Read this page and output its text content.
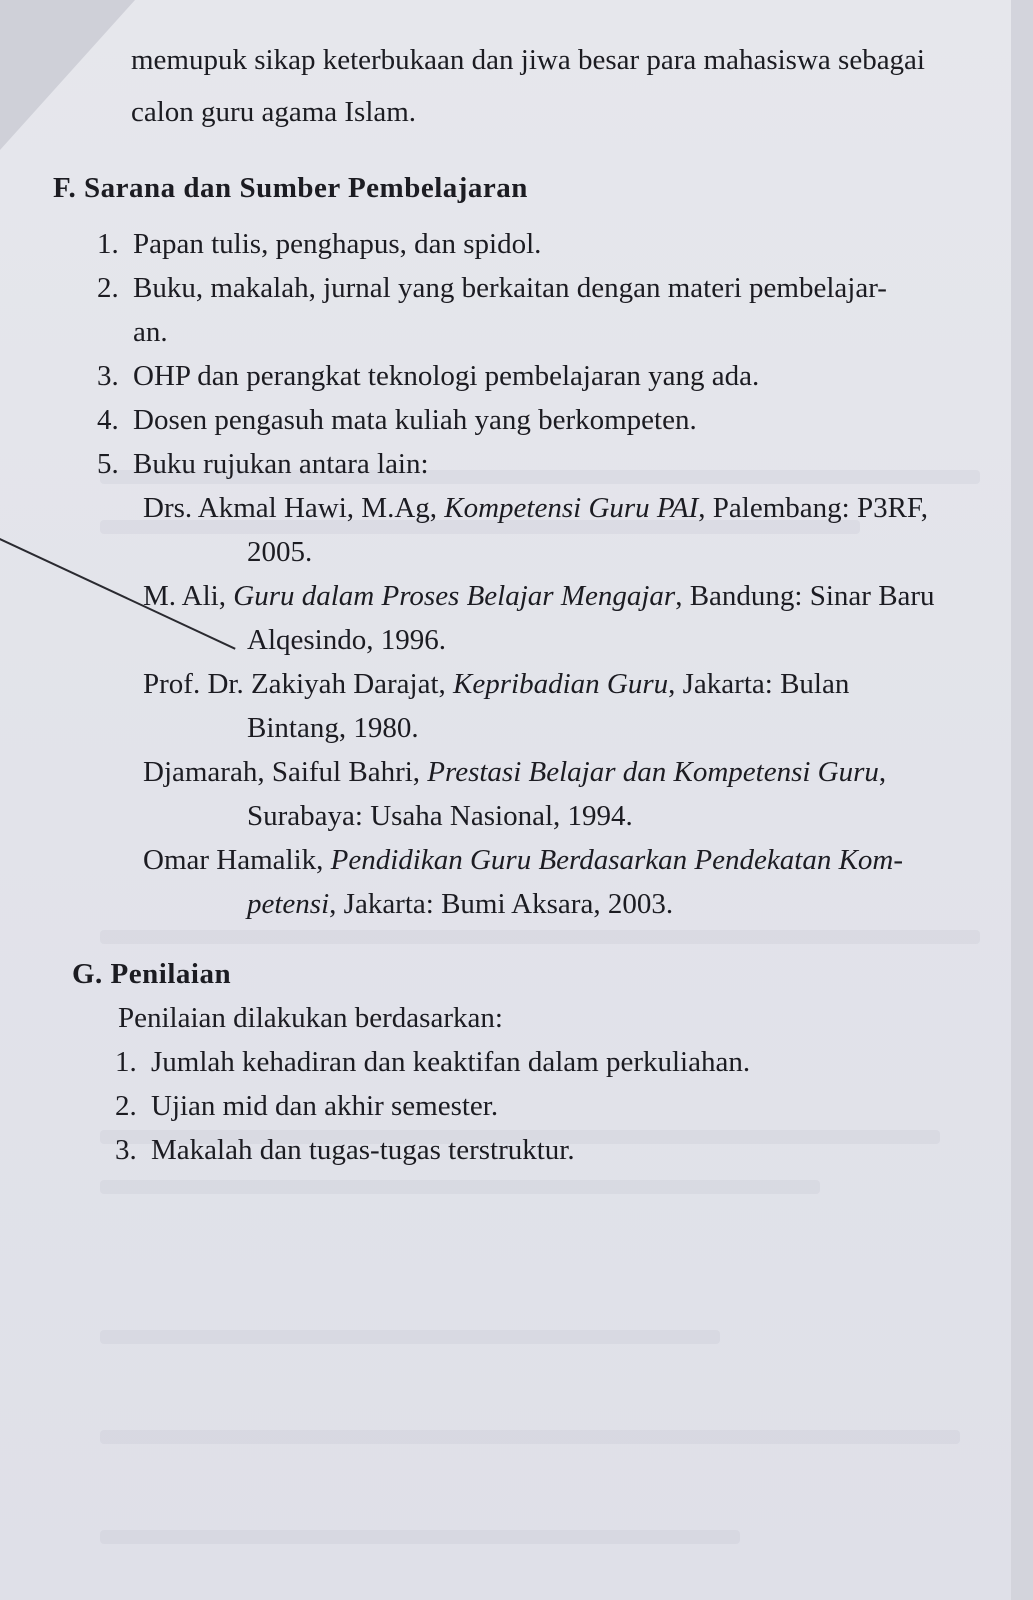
memupuk sikap keterbukaan dan jiwa besar para mahasiswa sebagai
calon guru agama Islam.
F. Sarana dan Sumber Pembelajaran
1. Papan tulis, penghapus, dan spidol.
2. Buku, makalah, jurnal yang berkaitan dengan materi pembelajar-
an.
3. OHP dan perangkat teknologi pembelajaran yang ada.
4. Dosen pengasuh mata kuliah yang berkompeten.
5. Buku rujukan antara lain:
Drs. Akmal Hawi, M.Ag, Kompetensi Guru PAI, Palembang: P3RF,
2005.
M. Ali, Guru dalam Proses Belajar Mengajar, Bandung: Sinar Baru
Alqesindo, 1996.
Prof. Dr. Zakiyah Darajat, Kepribadian Guru, Jakarta: Bulan
Bintang, 1980.
Djamarah, Saiful Bahri, Prestasi Belajar dan Kompetensi Guru,
Surabaya: Usaha Nasional, 1994.
Omar Hamalik, Pendidikan Guru Berdasarkan Pendekatan Kom-
petensi, Jakarta: Bumi Aksara, 2003.
G. Penilaian
Penilaian dilakukan berdasarkan:
1. Jumlah kehadiran dan keaktifan dalam perkuliahan.
2. Ujian mid dan akhir semester.
3. Makalah dan tugas-tugas terstruktur.
